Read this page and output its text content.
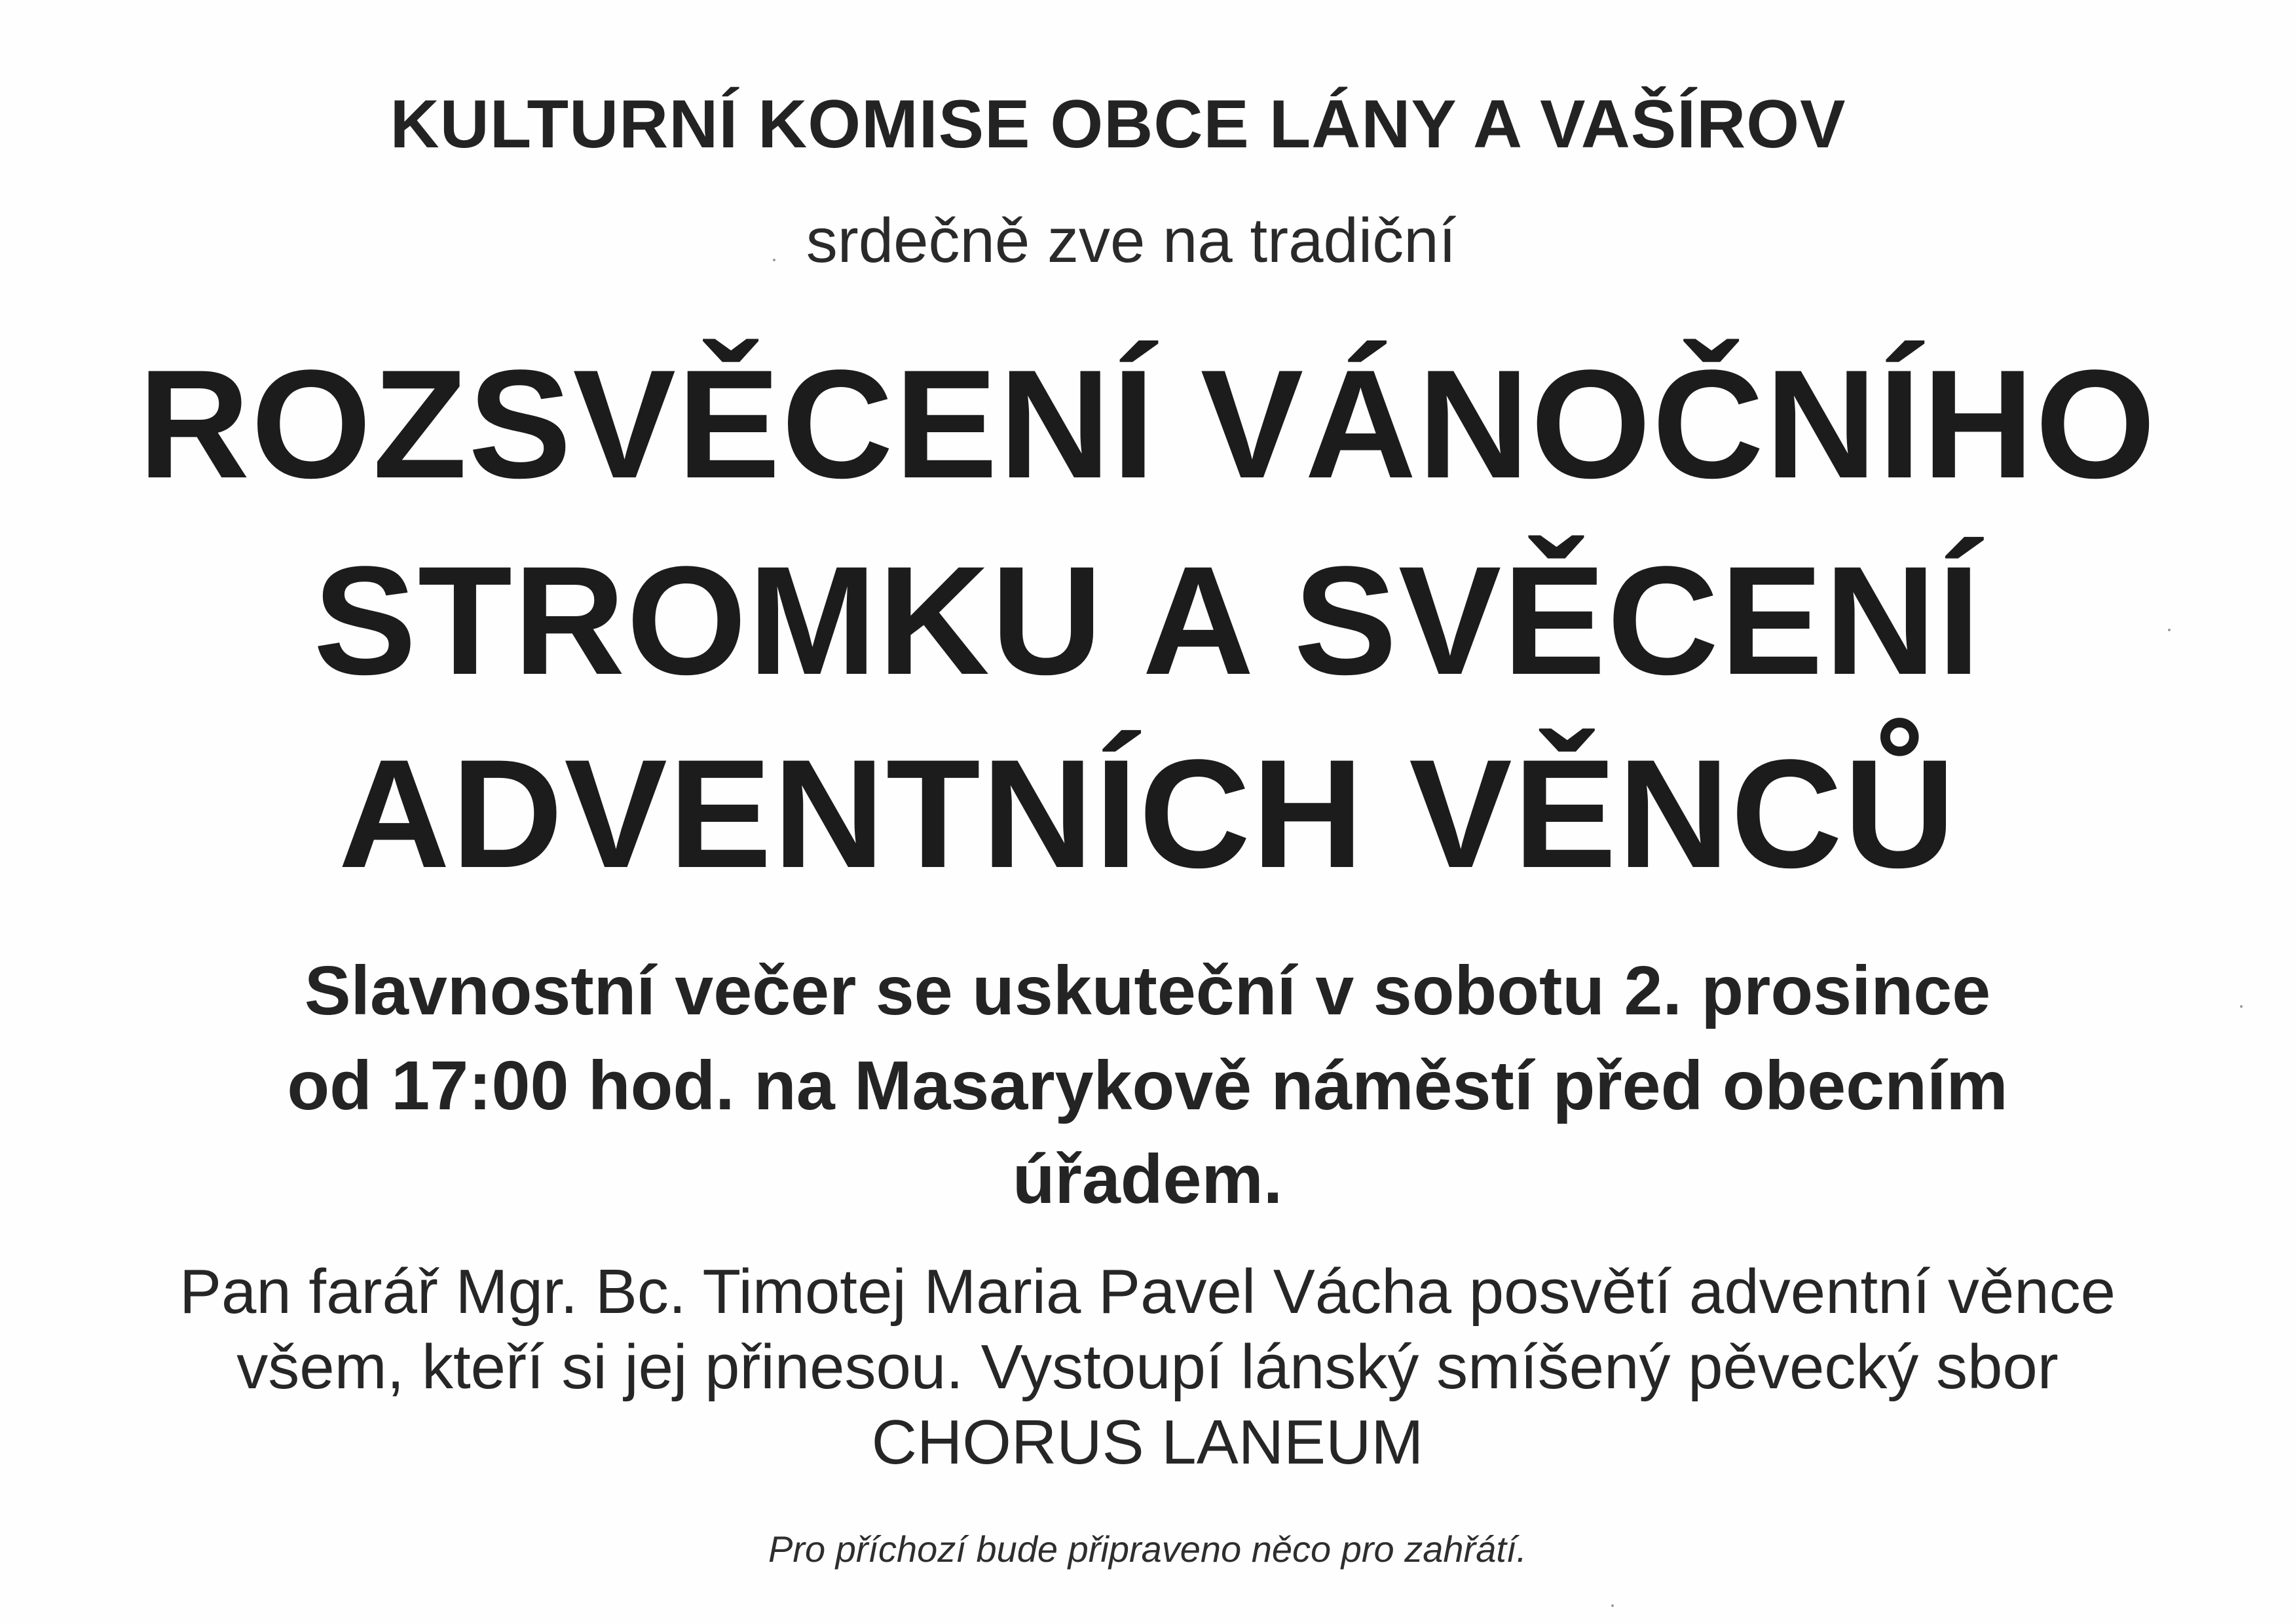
KULTURNÍ KOMISE OBCE LÁNY A VAŠÍROV

srdečně zve na tradiční

ROZSVĚCENÍ VÁNOČNÍHO

STROMKU A SVĚCENÍ

ADVENTNÍCH VĚNCŮ

Slavnostní večer se uskuteční v sobotu 2. prosince

od 17:00 hod. na Masarykově náměstí před obecním

úřadem.

Pan farář Mgr. Bc. Timotej Maria Pavel Vácha posvětí adventní věnce

všem, kteří si jej přinesou. Vystoupí lánský smíšený pěvecký sbor

CHORUS LANEUM

Pro příchozí bude připraveno něco pro zahřátí.
